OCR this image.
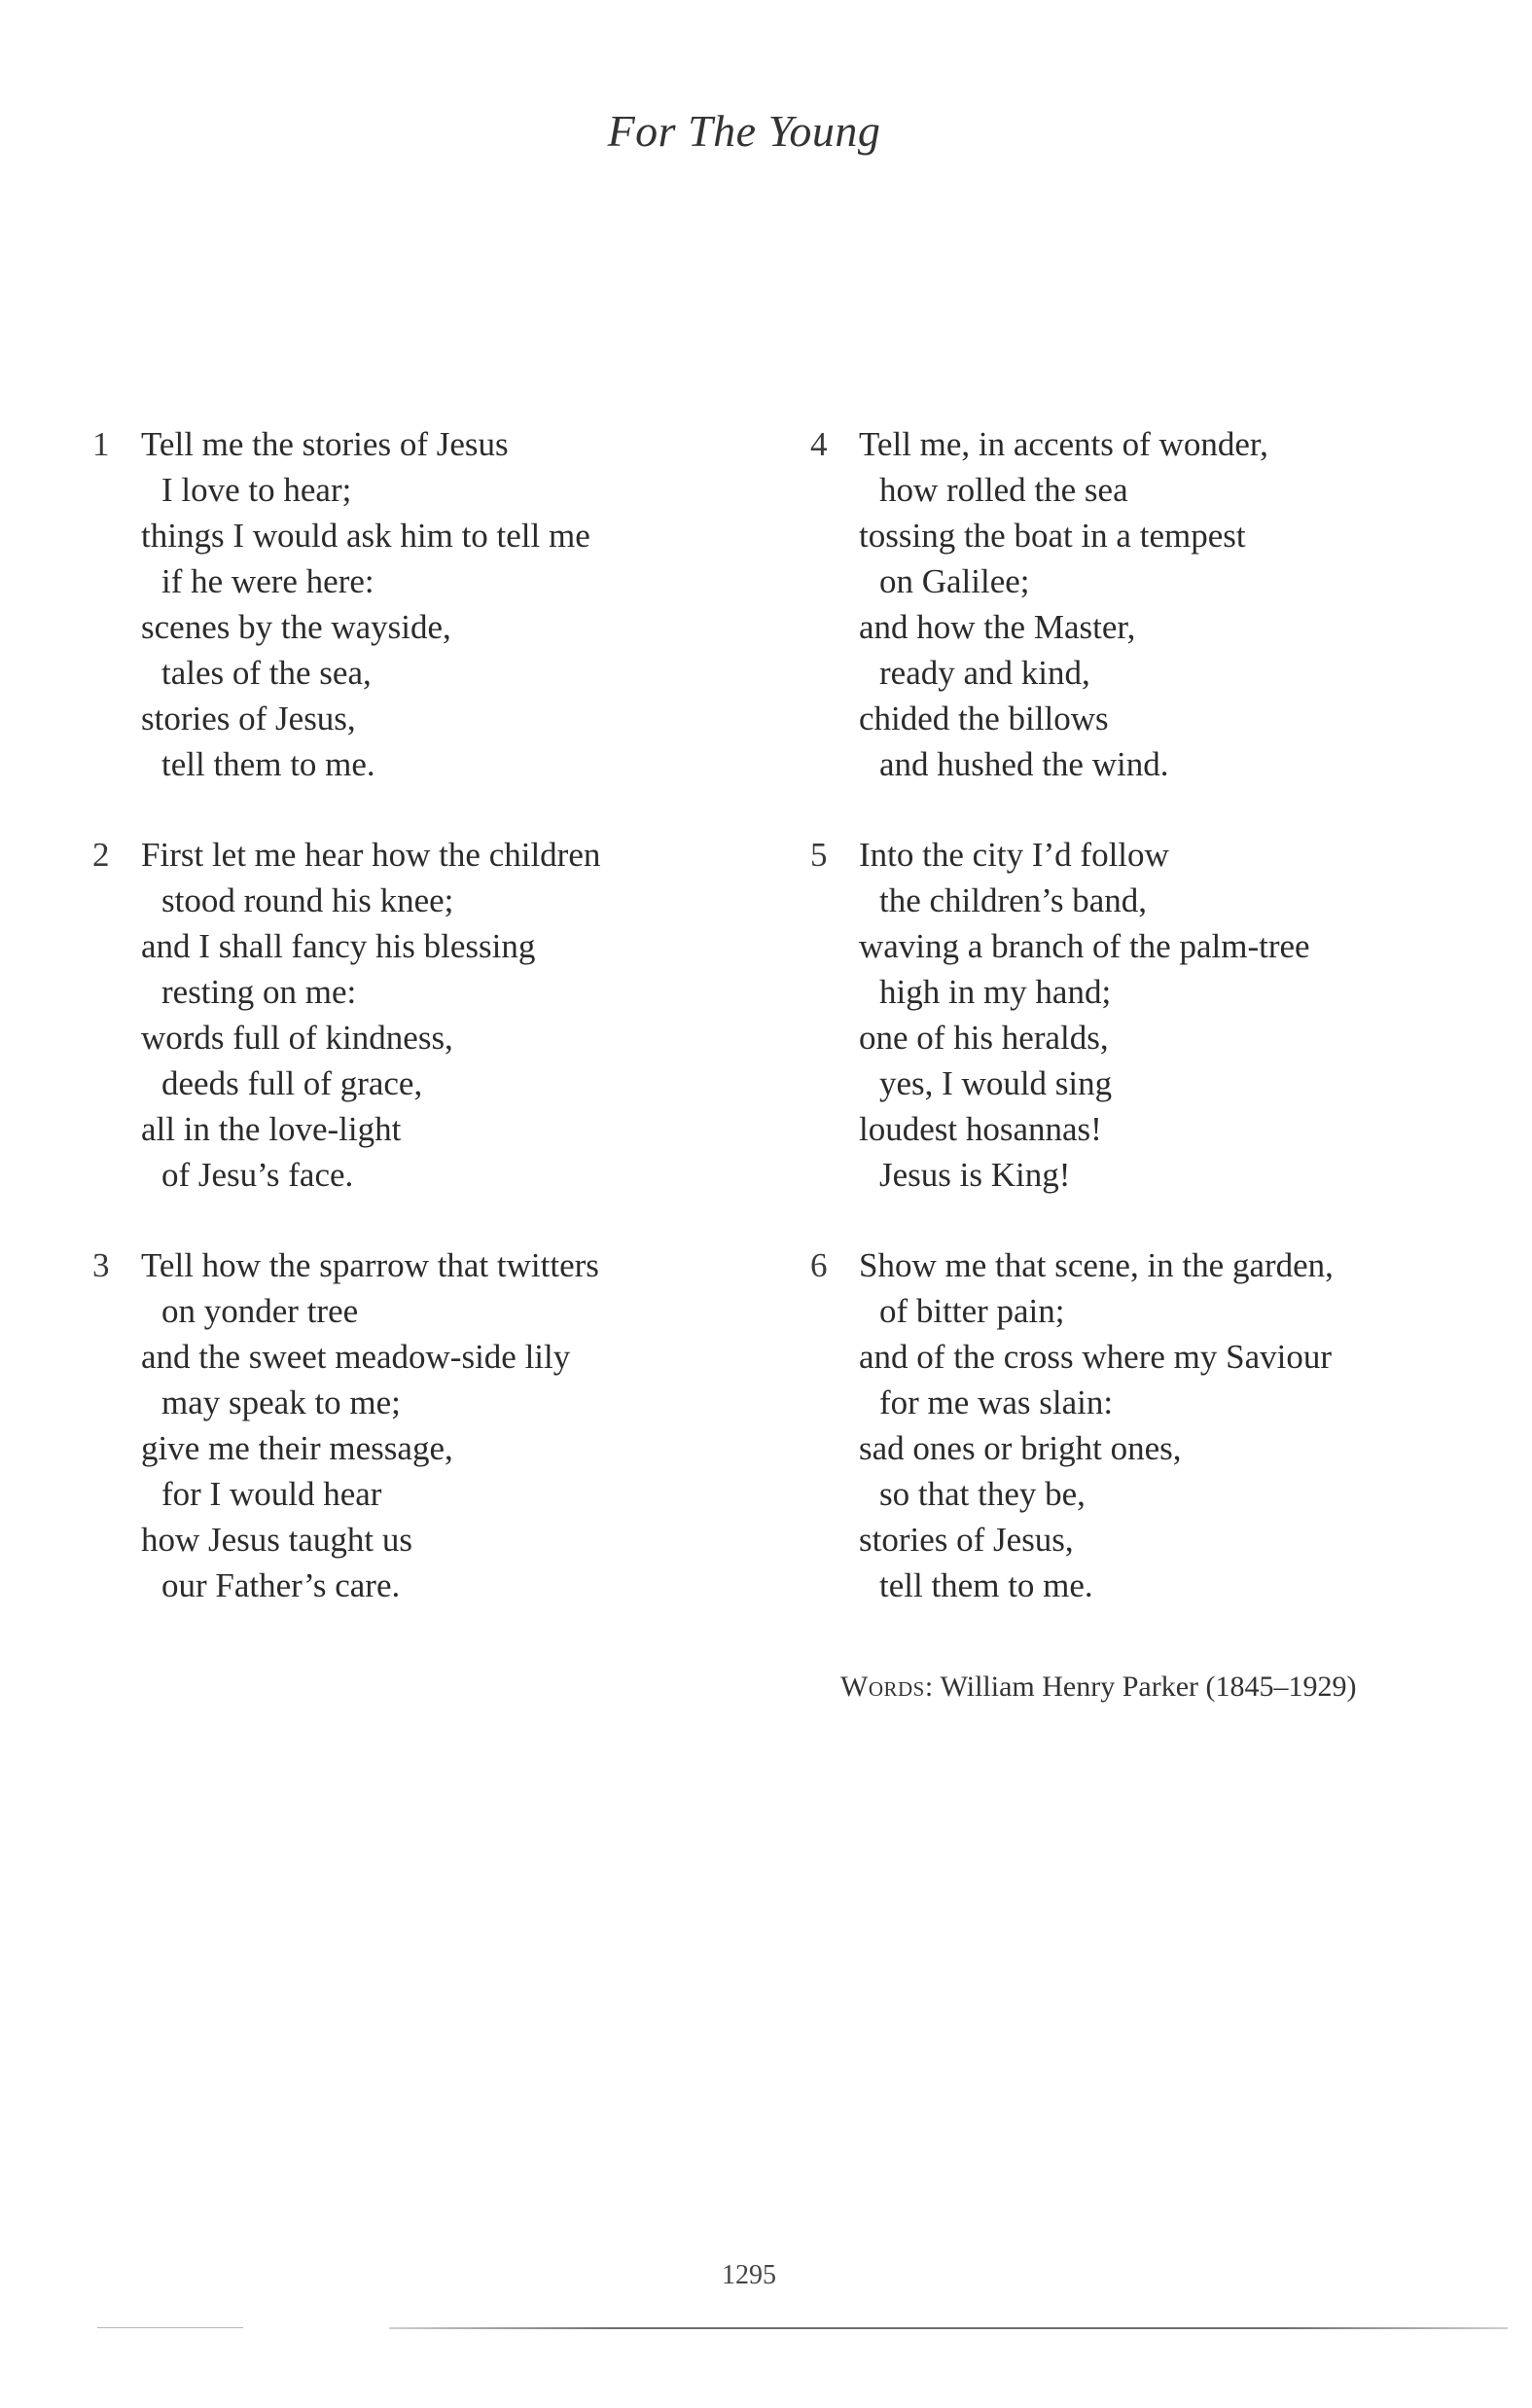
For The Young
1 Tell me the stories of Jesus
I love to hear;
things I would ask him to tell me
if he were here:
scenes by the wayside,
tales of the sea,
stories of Jesus,
tell them to me.
2 First let me hear how the children
stood round his knee;
and I shall fancy his blessing
resting on me:
words full of kindness,
deeds full of grace,
all in the love-light
of Jesu’s face.
3 Tell how the sparrow that twitters
on yonder tree
and the sweet meadow-side lily
may speak to me;
give me their message,
for I would hear
how Jesus taught us
our Father’s care.
4 Tell me, in accents of wonder,
how rolled the sea
tossing the boat in a tempest
on Galilee;
and how the Master,
ready and kind,
chided the billows
and hushed the wind.
5 Into the city I’d follow
the children’s band,
waving a branch of the palm-tree
high in my hand;
one of his heralds,
yes, I would sing
loudest hosannas!
Jesus is King!
6 Show me that scene, in the garden,
of bitter pain;
and of the cross where my Saviour
for me was slain:
sad ones or bright ones,
so that they be,
stories of Jesus,
tell them to me.
Words: William Henry Parker (1845–1929)
1295
